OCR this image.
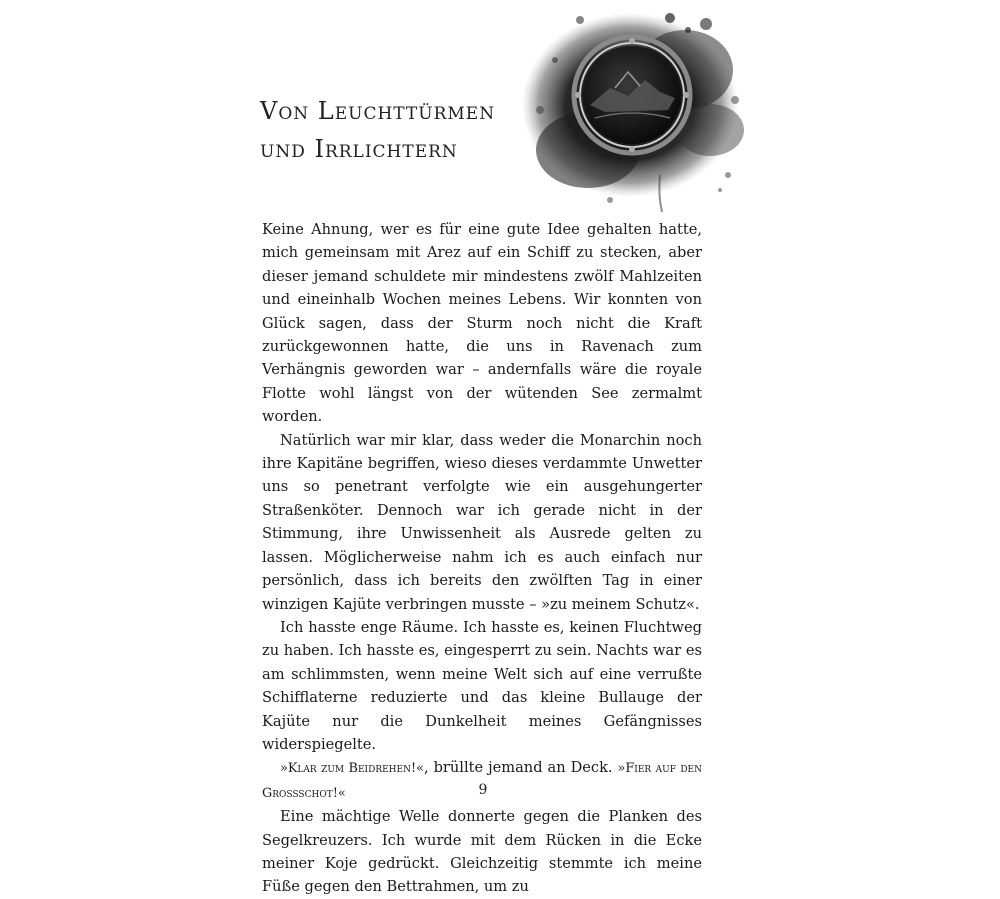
Von Leuchttürmen
und Irrlichtern

Keine Ahnung, wer es für eine gute Idee gehalten hatte, mich gemeinsam mit Arez auf ein Schiff zu stecken, aber dieser jemand schuldete mir mindestens zwölf Mahlzeiten und eineinhalb Wochen meines Lebens. Wir konnten von Glück sagen, dass der Sturm noch nicht die Kraft zurückgewonnen hatte, die uns in Ravenach zum Verhängnis geworden war – andernfalls wäre die royale Flotte wohl längst von der wütenden See zermalmt worden.

Natürlich war mir klar, dass weder die Monarchin noch ihre Kapitäne begriffen, wieso dieses verdammte Unwetter uns so penetrant verfolgte wie ein ausgehungerter Straßenköter. Dennoch war ich gerade nicht in der Stimmung, ihre Unwissenheit als Ausrede gelten zu lassen. Möglicherweise nahm ich es auch einfach nur persönlich, dass ich bereits den zwölften Tag in einer winzigen Kajüte verbringen musste – »zu meinem Schutz«.

Ich hasste enge Räume. Ich hasste es, keinen Fluchtweg zu haben. Ich hasste es, eingesperrt zu sein. Nachts war es am schlimmsten, wenn meine Welt sich auf eine verrußte Schifflaterne reduzierte und das kleine Bullauge der Kajüte nur die Dunkelheit meines Gefängnisses widerspiegelte.

»Klar zum Beidrehen!«, brüllte jemand an Deck. »Fier auf den Großschot!«

Eine mächtige Welle donnerte gegen die Planken des Segelkreuzers. Ich wurde mit dem Rücken in die Ecke meiner Koje gedrückt. Gleichzeitig stemmte ich meine Füße gegen den Bettrahmen, um zu

9
